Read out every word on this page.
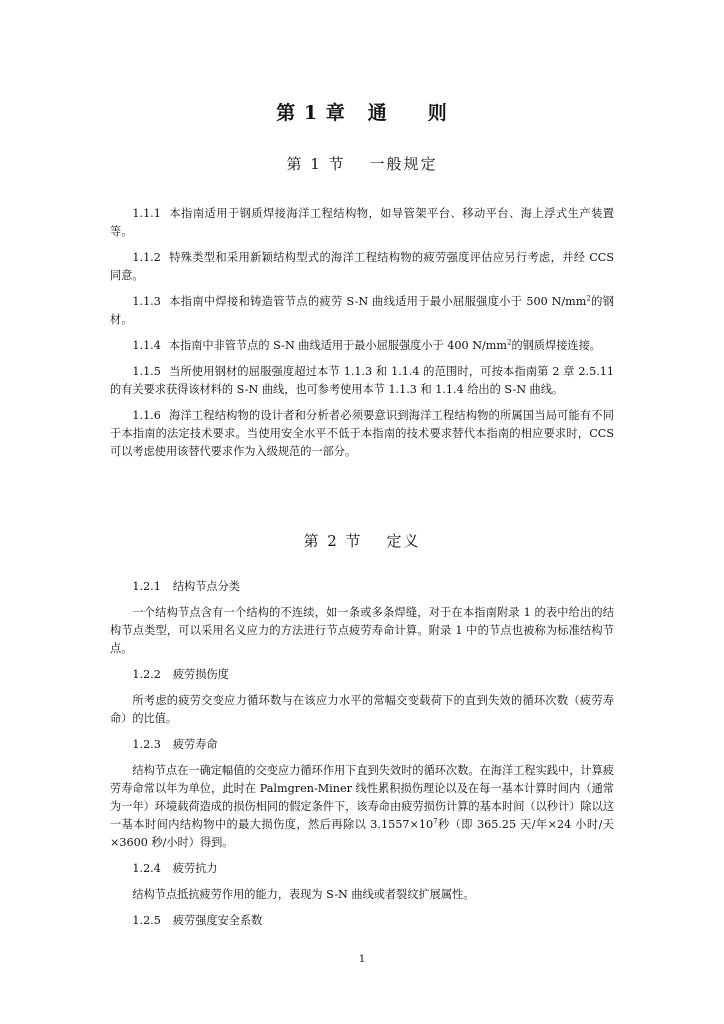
第 1 章 通　　则
第 1 节 一般规定

1.1.1 本指南适用于钢质焊接海洋工程结构物，如导管架平台、移动平台、海上浮式生产装置等。

1.1.2 特殊类型和采用新颖结构型式的海洋工程结构物的疲劳强度评估应另行考虑，并经 CCS 同意。

1.1.3 本指南中焊接和铸造管节点的疲劳 S-N 曲线适用于最小屈服强度小于 500 $N/mm^2$的钢材。

1.1.4 本指南中非管节点的 S-N 曲线适用于最小屈服强度小于 400 $N/mm^2$的钢质焊接连接。

1.1.5 当所使用钢材的屈服强度超过本节 1.1.3 和 1.1.4 的范围时，可按本指南第 2 章 2.5.11 的有关要求获得该材料的 S-N 曲线，也可参考使用本节 1.1.3 和 1.1.4 给出的 S-N 曲线。

1.1.6 海洋工程结构物的设计者和分析者必须要意识到海洋工程结构物的所属国当局可能有不同于本指南的法定技术要求。当使用安全水平不低于本指南的技术要求替代本指南的相应要求时，CCS 可以考虑使用该替代要求作为入级规范的一部分。

第 2 节 定义

1.2.1 结构节点分类

一个结构节点含有一个结构的不连续，如一条或多条焊缝，对于在本指南附录 1 的表中给出的结构节点类型，可以采用名义应力的方法进行节点疲劳寿命计算。附录 1 中的节点也被称为标准结构节点。

1.2.2 疲劳损伤度

所考虑的疲劳交变应力循环数与在该应力水平的常幅交变载荷下的直到失效的循环次数（疲劳寿命）的比值。

1.2.3 疲劳寿命

结构节点在一确定幅值的交变应力循环作用下直到失效时的循环次数。在海洋工程实践中，计算疲劳寿命常以年为单位，此时在 Palmgren-Miner 线性累积损伤理论以及在每一基本计算时间内（通常为一年）环境载荷造成的损伤相同的假定条件下，该寿命由疲劳损伤计算的基本时间（以秒计）除以这一基本时间内结构物中的最大损伤度，然后再除以 $3.1557\times 10^7$秒（即 365.25 天/年×24 小时/天×3600 秒/小时）得到。

1.2.4 疲劳抗力

结构节点抵抗疲劳作用的能力，表现为 S-N 曲线或者裂纹扩展属性。

1.2.5 疲劳强度安全系数

1
